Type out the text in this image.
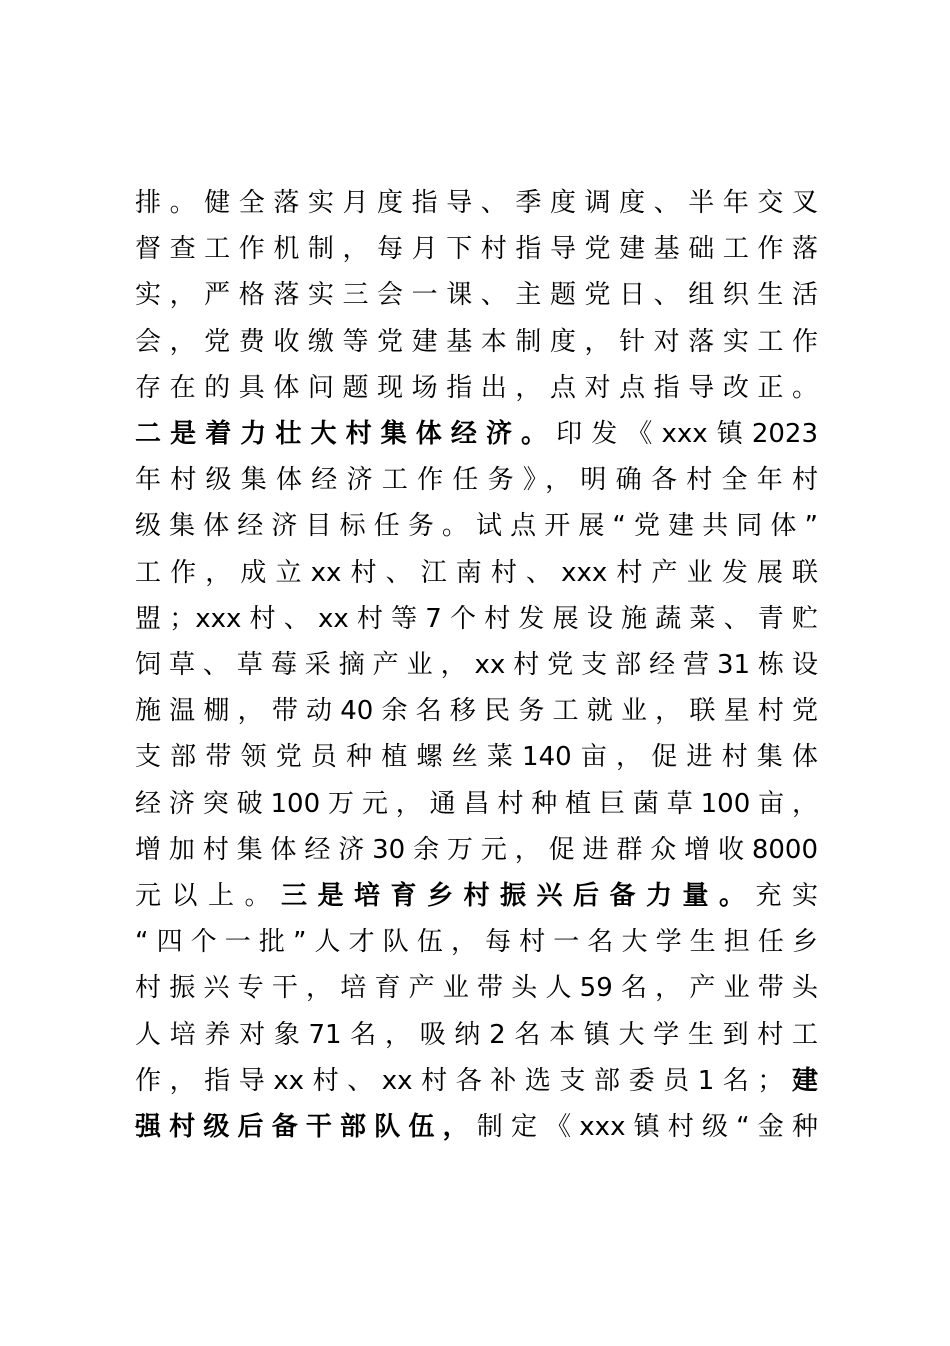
排。健全落实月度指导、季度调度、半年交叉
督查工作机制，每月下村指导党建基础工作落
实，严格落实三会一课、主题党日、组织生活
会，党费收缴等党建基本制度，针对落实工作
存在的具体问题现场指出，点对点指导改正。
二是着力壮大村集体经济。印发《xxx镇2023
年村级集体经济工作任务》，明确各村全年村
级集体经济目标任务。试点开展“党建共同体”
工作，成立xx村、江南村、xxx村产业发展联
盟；xxx村、xx村等7个村发展设施蔬菜、青贮
饲草、草莓采摘产业，xx村党支部经营31栋设
施温棚，带动40余名移民务工就业，联星村党
支部带领党员种植螺丝菜140亩，促进村集体
经济突破100万元，通昌村种植巨菌草100亩，
增加村集体经济30余万元，促进群众增收8000
元以上。三是培育乡村振兴后备力量。充实
“四个一批”人才队伍，每村一名大学生担任乡
村振兴专干，培育产业带头人59名，产业带头
人培养对象71名，吸纳2名本镇大学生到村工
作，指导xx村、xx村各补选支部委员1名；建
强村级后备干部队伍，制定《xxx镇村级“金种
